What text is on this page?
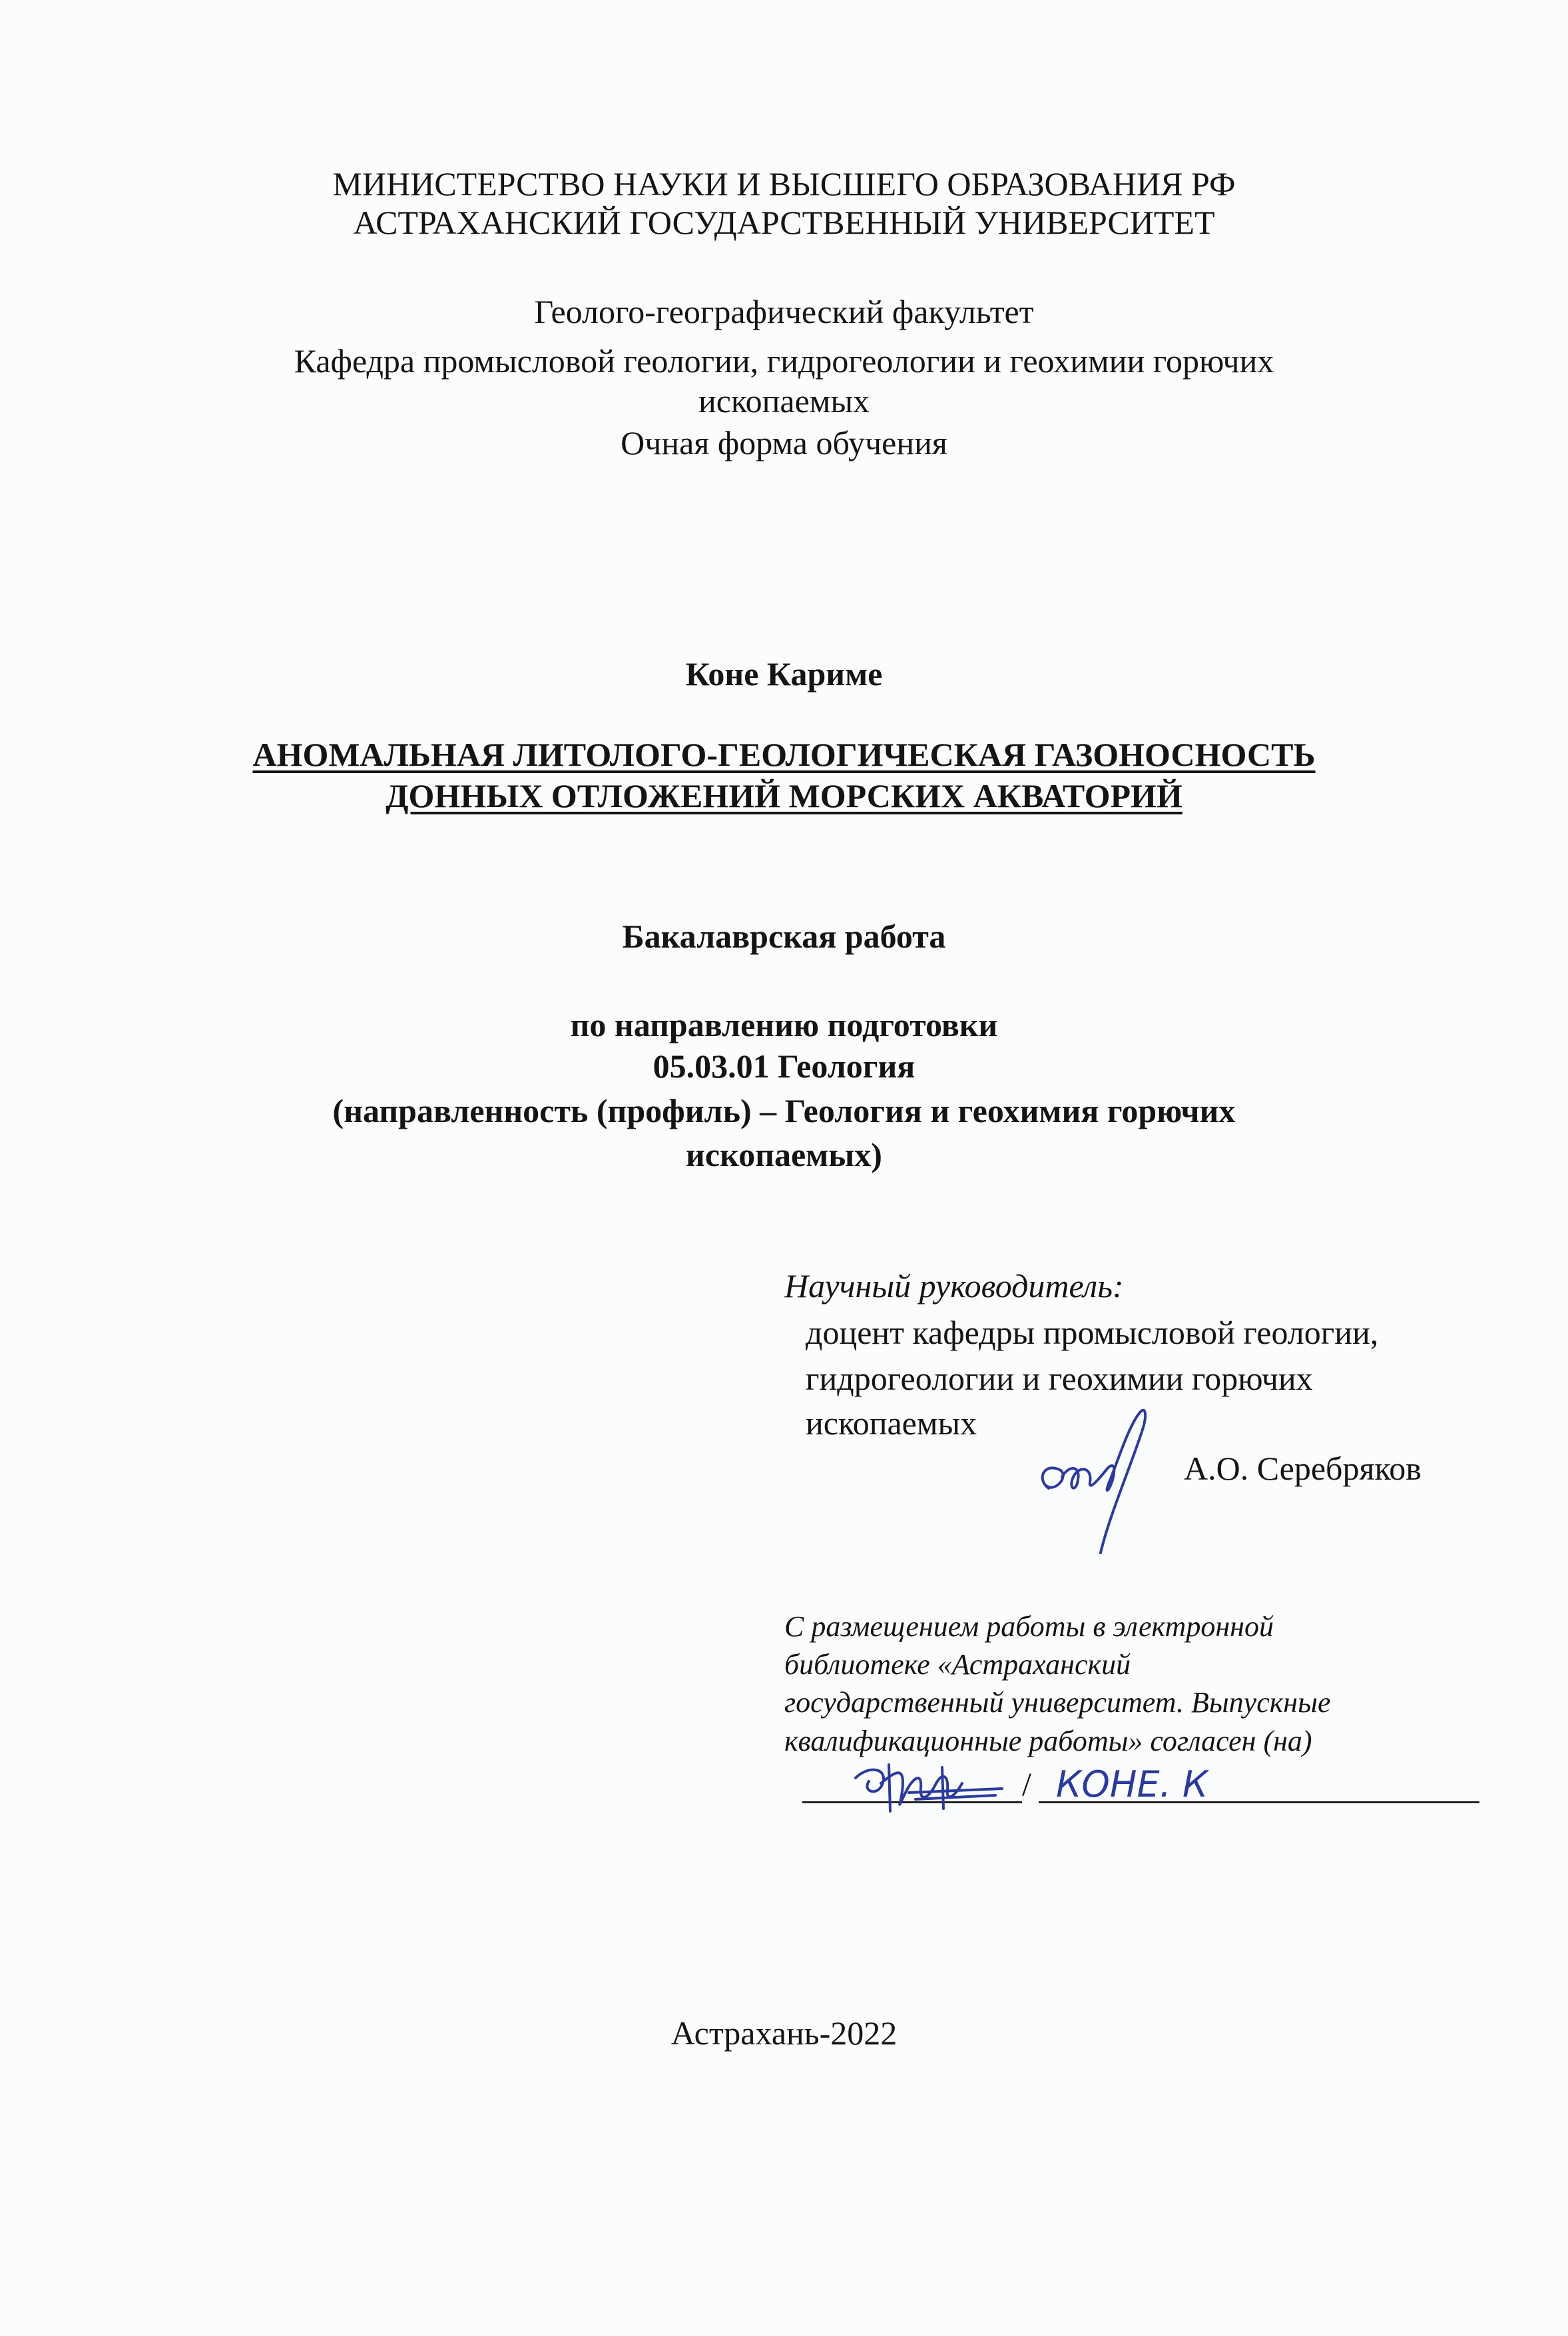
МИНИСТЕРСТВО НАУКИ И ВЫСШЕГО ОБРАЗОВАНИЯ РФ

АСТРАХАНСКИЙ ГОСУДАРСТВЕННЫЙ УНИВЕРСИТЕТ

Геолого-географический факультет

Кафедра промысловой геологии, гидрогеологии и геохимии горючих

ископаемых

Очная форма обучения

Коне Кариме

АНОМАЛЬНАЯ ЛИТОЛОГО-ГЕОЛОГИЧЕСКАЯ ГАЗОНОСНОСТЬ

ДОННЫХ ОТЛОЖЕНИЙ МОРСКИХ АКВАТОРИЙ

Бакалаврская работа

по направлению подготовки

05.03.01 Геология

(направленность (профиль) – Геология и геохимия горючих

ископаемых)

Научный руководитель:

доцент кафедры промысловой геологии,

гидрогеологии и геохимии горючих

ископаемых

А.О. Серебряков

С размещением работы в электронной

библиотеке «Астраханский

государственный университет. Выпускные

квалификационные работы» согласен (на)

/ КОНЕ. К

Астрахань-2022
